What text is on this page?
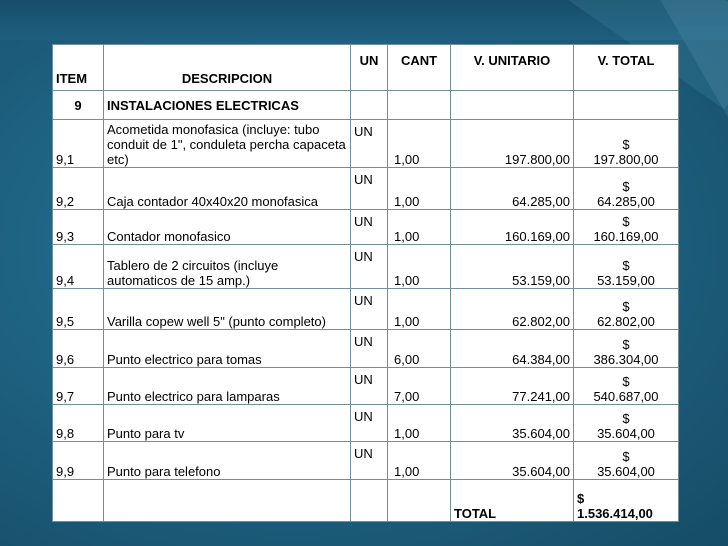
ITEM	DESCRIPCION	UN	CANT	V. UNITARIO	V. TOTAL
9	INSTALACIONES ELECTRICAS				
9,1	Acometida monofasica (incluye: tubo conduit de 1", conduleta percha capaceta etc)	UN	1,00	197.800,00	$
197.800,00
9,2	Caja contador 40x40x20 monofasica	UN	1,00	64.285,00	$
64.285,00
9,3	Contador monofasico	UN	1,00	160.169,00	$
160.169,00
9,4	Tablero de 2 circuitos (incluye automaticos de 15 amp.)	UN	1,00	53.159,00	$
53.159,00
9,5	Varilla copew well 5" (punto completo)	UN	1,00	62.802,00	$
62.802,00
9,6	Punto electrico para tomas	UN	6,00	64.384,00	$
386.304,00
9,7	Punto electrico para lamparas	UN	7,00	77.241,00	$
540.687,00
9,8	Punto para tv	UN	1,00	35.604,00	$
35.604,00
9,9	Punto para telefono	UN	1,00	35.604,00	$
35.604,00
				TOTAL	$
1.536.414,00
